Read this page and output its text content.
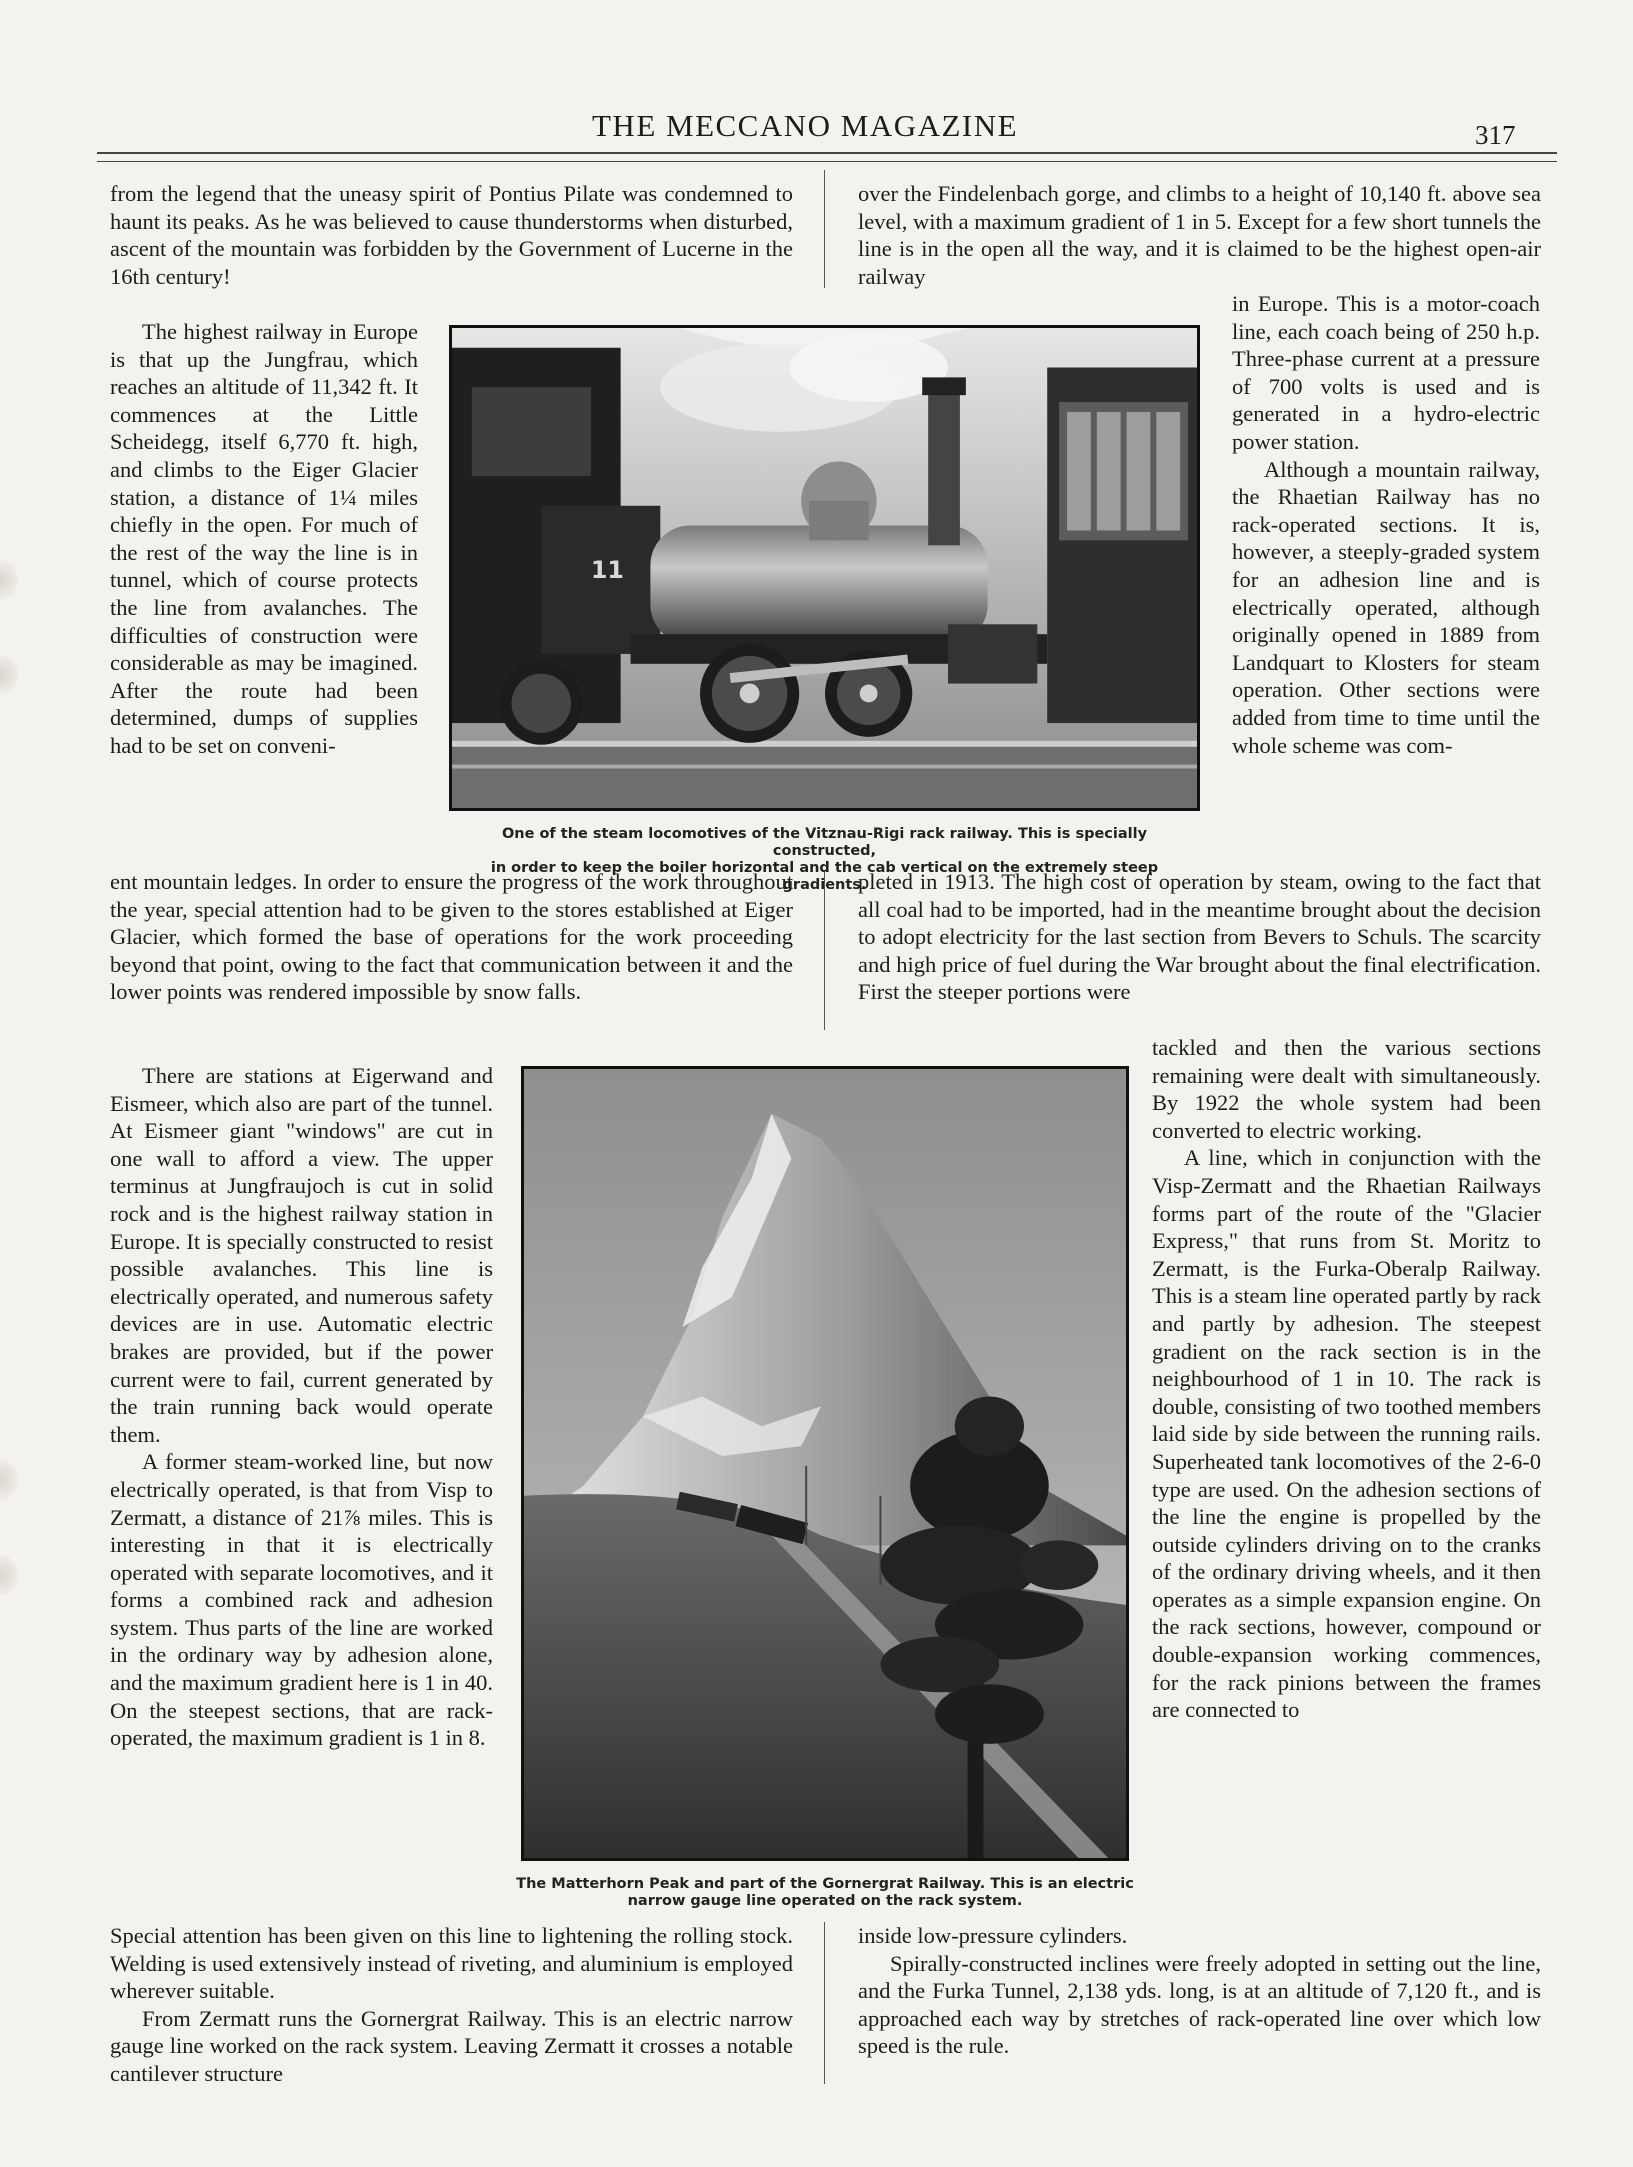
THE MECCANO MAGAZINE	317

from the legend that the uneasy spirit of Pontius Pilate was condemned to haunt its peaks. As he was believed to cause thunderstorms when disturbed, ascent of the mountain was forbidden by the Government of Lucerne in the 16th century!

The highest railway in Europe is that up the Jungfrau, which reaches an altitude of 11,342 ft. It commences at the Little Scheidegg, itself 6,770 ft. high, and climbs to the Eiger Glacier station, a distance of 1¼ miles chiefly in the open. For much of the rest of the way the line is in tunnel, which of course protects the line from avalanches. The difficulties of construction were considerable as may be imagined. After the route had been determined, dumps of supplies had to be set on conveni-

ent mountain ledges. In order to ensure the progress of the work throughout the year, special attention had to be given to the stores established at Eiger Glacier, which formed the base of operations for the work proceeding beyond that point, owing to the fact that communication between it and the lower points was rendered impossible by snow falls.

There are stations at Eigerwand and Eismeer, which also are part of the tunnel. At Eismeer giant "windows" are cut in one wall to afford a view. The upper terminus at Jungfraujoch is cut in solid rock and is the highest railway station in Europe. It is specially constructed to resist possible avalanches. This line is electrically operated, and numerous safety devices are in use. Automatic electric brakes are provided, but if the power current were to fail, current generated by the train running back would operate them.

A former steam-worked line, but now electrically operated, is that from Visp to Zermatt, a distance of 21⅞ miles. This is interesting in that it is electrically operated with separate locomotives, and it forms a combined rack and adhesion system. Thus parts of the line are worked in the ordinary way by adhesion alone, and the maximum gradient here is 1 in 40. On the steepest sections, that are rack-operated, the maximum gradient is 1 in 8.

Special attention has been given on this line to lightening the rolling stock. Welding is used extensively instead of riveting, and aluminium is employed wherever suitable.

From Zermatt runs the Gornergrat Railway. This is an electric narrow gauge line worked on the rack system. Leaving Zermatt it crosses a notable cantilever structure

over the Findelenbach gorge, and climbs to a height of 10,140 ft. above sea level, with a maximum gradient of 1 in 5. Except for a few short tunnels the line is in the open all the way, and it is claimed to be the highest open-air railway

in Europe. This is a motor-coach line, each coach being of 250 h.p. Three-phase current at a pressure of 700 volts is used and is generated in a hydro-electric power station.

Although a mountain railway, the Rhaetian Railway has no rack-operated sections. It is, however, a steeply-graded system for an adhesion line and is electrically operated, although originally opened in 1889 from Landquart to Klosters for steam operation. Other sections were added from time to time until the whole scheme was com-

pleted in 1913. The high cost of operation by steam, owing to the fact that all coal had to be imported, had in the meantime brought about the decision to adopt electricity for the last section from Bevers to Schuls. The scarcity and high price of fuel during the War brought about the final electrification. First the steeper portions were

tackled and then the various sections remaining were dealt with simultaneously. By 1922 the whole system had been converted to electric working.

A line, which in conjunction with the Visp-Zermatt and the Rhaetian Railways forms part of the route of the "Glacier Express," that runs from St. Moritz to Zermatt, is the Furka-Oberalp Railway. This is a steam line operated partly by rack and partly by adhesion. The steepest gradient on the rack section is in the neighbourhood of 1 in 10. The rack is double, consisting of two toothed members laid side by side between the running rails. Superheated tank locomotives of the 2-6-0 type are used. On the adhesion sections of the line the engine is propelled by the outside cylinders driving on to the cranks of the ordinary driving wheels, and it then operates as a simple expansion engine. On the rack sections, however, compound or double-expansion working commences, for the rack pinions between the frames are connected to

inside low-pressure cylinders.

Spirally-constructed inclines were freely adopted in setting out the line, and the Furka Tunnel, 2,138 yds. long, is at an altitude of 7,120 ft., and is approached each way by stretches of rack-operated line over which low speed is the rule.

11
One of the steam locomotives of the Vitznau-Rigi rack railway. This is specially constructed,
in order to keep the boiler horizontal and the cab vertical on the extremely steep gradients.
The Matterhorn Peak and part of the Gornergrat Railway. This is an electric
narrow gauge line operated on the rack system.
